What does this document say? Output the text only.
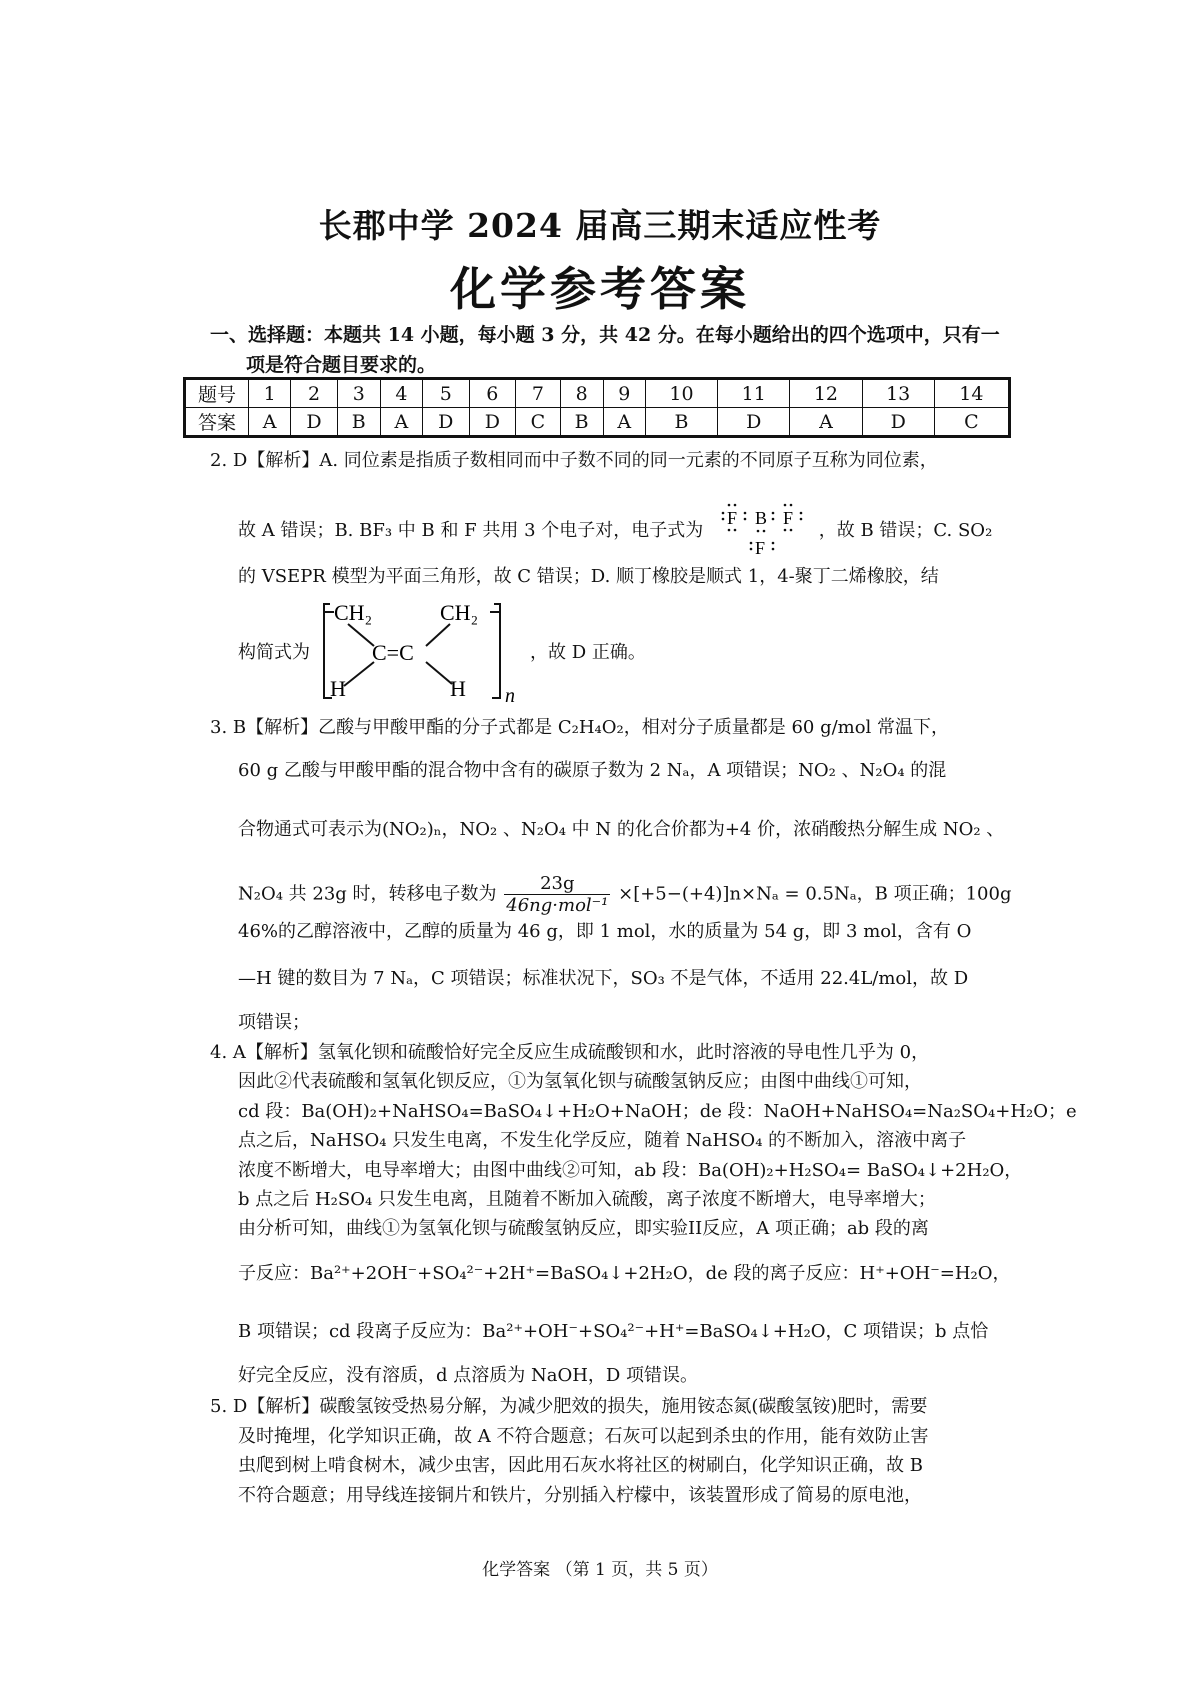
长郡中学 2024 届高三期末适应性考
化学参考答案
一、选择题：本题共 14 小题，每小题 3 分，共 42 分。在每小题给出的四个选项中，只有一
项是符合题目要求的。
题号	1	2	3	4	5	6	7	8	9	10	11	12	13	14
答案	A	D	B	A	D	D	C	B	A	B	D	A	D	C
2. D【解析】A. 同位素是指质子数相同而中子数不同的同一元素的不同原子互称为同位素，
故 A 错误；B. BF₃ 中 B 和 F 共用 3 个电子对，电子式为
F B F
F
，故 B 错误；C. SO₂
的 VSEPR 模型为平面三角形，故 C 错误；D. 顺丁橡胶是顺式 1，4-聚丁二烯橡胶，结
构简式为
CH₂	CH₂
C=C
H	H n
，故 D 正确。
3. B【解析】乙酸与甲酸甲酯的分子式都是 C₂H₄O₂，相对分子质量都是 60 g/mol 常温下，
60 g 乙酸与甲酸甲酯的混合物中含有的碳原子数为 2 Nₐ，A 项错误；NO₂ 、N₂O₄ 的混
合物通式可表示为(NO₂)ₙ，NO₂ 、N₂O₄ 中 N 的化合价都为+4 价，浓硝酸热分解生成 NO₂ 、
N₂O₄ 共 23g 时，转移电子数为	23g
46ng·mol⁻¹
×[+5−(+4)]n×Nₐ = 0.5Nₐ，B 项正确；100g
46%的乙醇溶液中，乙醇的质量为 46 g，即 1 mol，水的质量为 54 g，即 3 mol，含有 O
—H 键的数目为 7 Nₐ，C 项错误；标准状况下，SO₃ 不是气体，不适用 22.4L/mol，故 D
项错误；
4. A【解析】氢氧化钡和硫酸恰好完全反应生成硫酸钡和水，此时溶液的导电性几乎为 0，
因此②代表硫酸和氢氧化钡反应，①为氢氧化钡与硫酸氢钠反应；由图中曲线①可知，
cd 段：Ba(OH)₂+NaHSO₄=BaSO₄↓+H₂O+NaOH；de 段：NaOH+NaHSO₄=Na₂SO₄+H₂O；e
点之后，NaHSO₄ 只发生电离，不发生化学反应，随着 NaHSO₄ 的不断加入，溶液中离子
浓度不断增大，电导率增大；由图中曲线②可知，ab 段：Ba(OH)₂+H₂SO₄= BaSO₄↓+2H₂O，
b 点之后 H₂SO₄ 只发生电离，且随着不断加入硫酸，离子浓度不断增大，电导率增大；
由分析可知，曲线①为氢氧化钡与硫酸氢钠反应，即实验II反应，A 项正确；ab 段的离
子反应：Ba²⁺+2OH⁻+SO₄²⁻+2H⁺=BaSO₄↓+2H₂O，de 段的离子反应：H⁺+OH⁻=H₂O，
B 项错误；cd 段离子反应为：Ba²⁺+OH⁻+SO₄²⁻+H⁺=BaSO₄↓+H₂O，C 项错误；b 点恰
好完全反应，没有溶质，d 点溶质为 NaOH，D 项错误。
5. D【解析】碳酸氢铵受热易分解，为减少肥效的损失，施用铵态氮(碳酸氢铵)肥时，需要
及时掩埋，化学知识正确，故 A 不符合题意；石灰可以起到杀虫的作用，能有效防止害
虫爬到树上啃食树木，减少虫害，因此用石灰水将社区的树刷白，化学知识正确，故 B
不符合题意；用导线连接铜片和铁片，分别插入柠檬中，该装置形成了简易的原电池，
化学答案 （第 1 页，共 5 页）
